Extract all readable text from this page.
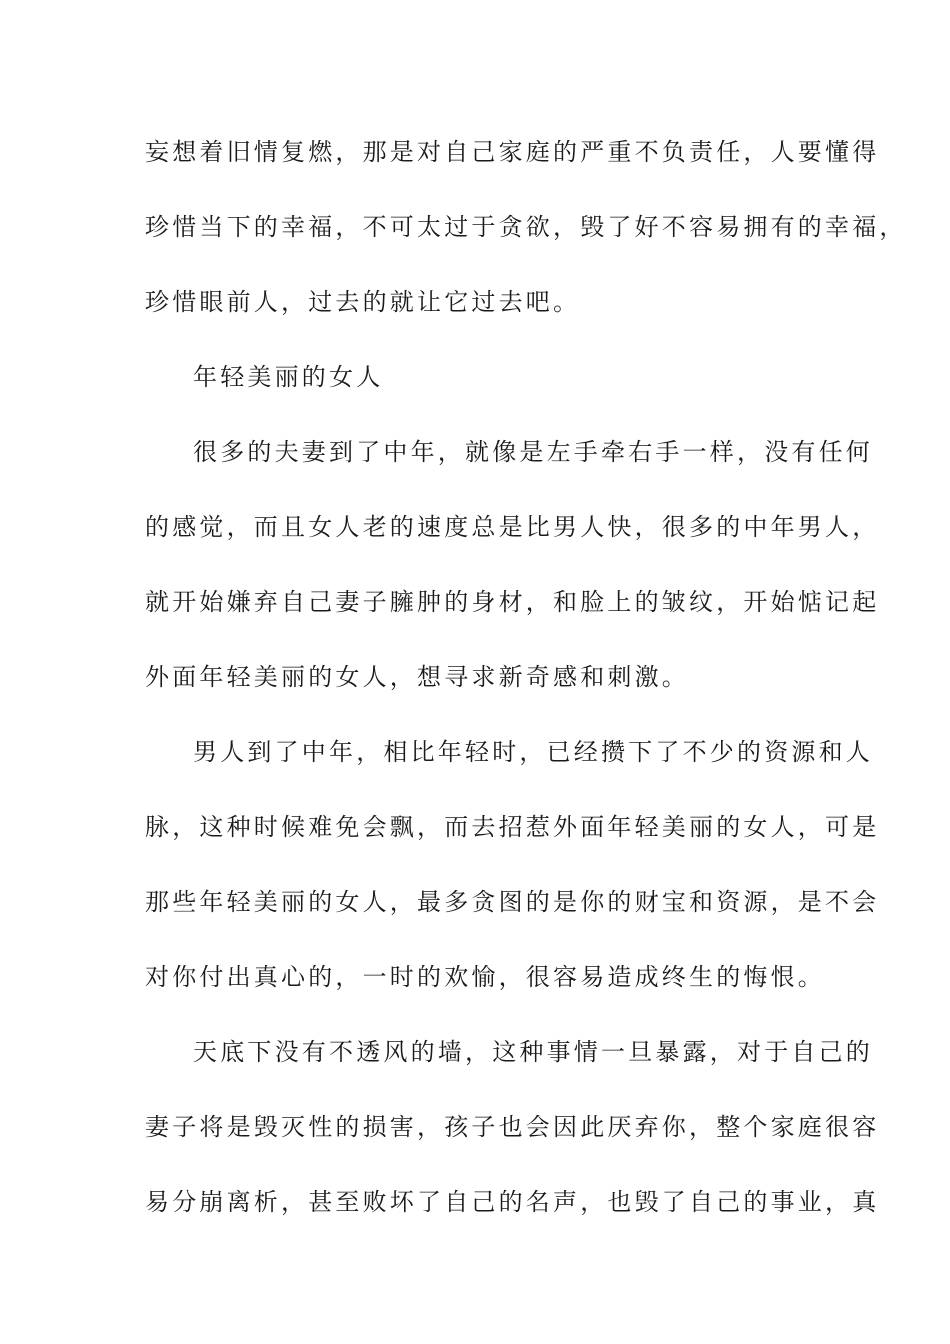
妄想着旧情复燃，那是对自己家庭的严重不负责任，人要懂得

珍惜当下的幸福，不可太过于贪欲，毁了好不容易拥有的幸福，

珍惜眼前人，过去的就让它过去吧。

年轻美丽的女人

很多的夫妻到了中年，就像是左手牵右手一样，没有任何

的感觉，而且女人老的速度总是比男人快，很多的中年男人，

就开始嫌弃自己妻子臃肿的身材，和脸上的皱纹，开始惦记起

外面年轻美丽的女人，想寻求新奇感和刺激。

男人到了中年，相比年轻时，已经攒下了不少的资源和人

脉，这种时候难免会飘，而去招惹外面年轻美丽的女人，可是

那些年轻美丽的女人，最多贪图的是你的财宝和资源，是不会

对你付出真心的，一时的欢愉，很容易造成终生的悔恨。

天底下没有不透风的墙，这种事情一旦暴露，对于自己的

妻子将是毁灭性的损害，孩子也会因此厌弃你，整个家庭很容

易分崩离析，甚至败坏了自己的名声，也毁了自己的事业，真
